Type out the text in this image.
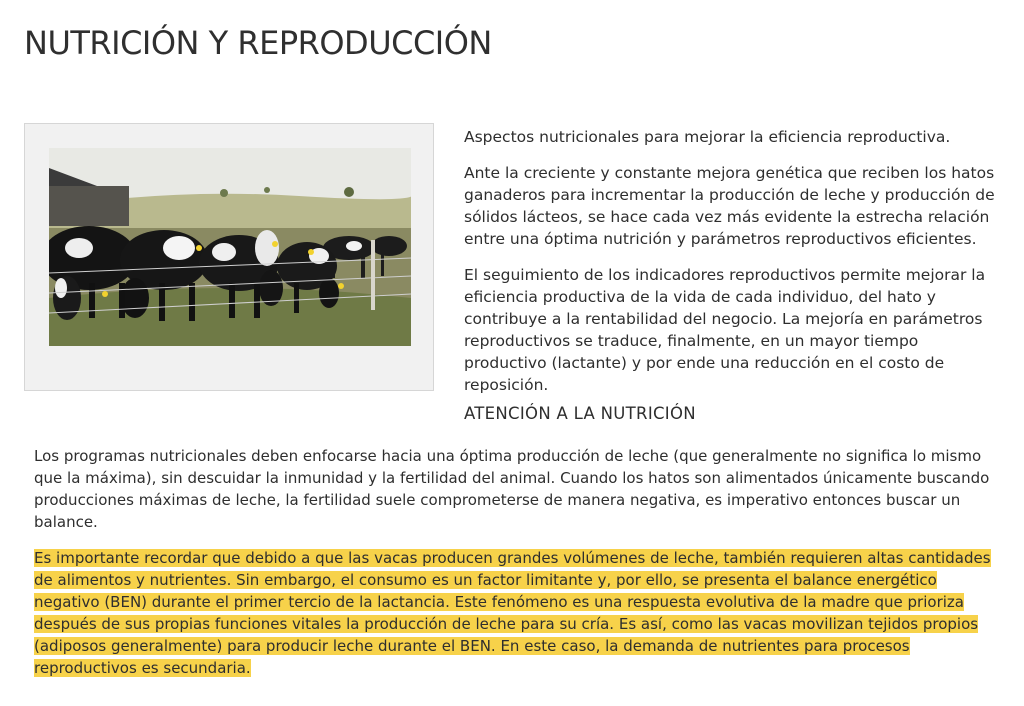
NUTRICIÓN Y REPRODUCCIÓN

Aspectos nutricionales para mejorar la eficiencia reproductiva.

Ante la creciente y constante mejora genética que reciben los hatos ganaderos para incrementar la producción de leche y producción de sólidos lácteos, se hace cada vez más evidente la estrecha relación entre una óptima nutrición y parámetros reproductivos eficientes.

El seguimiento de los indicadores reproductivos permite mejorar la eficiencia productiva de la vida de cada individuo, del hato y contribuye a la rentabilidad del negocio. La mejoría en parámetros reproductivos se traduce, finalmente, en un mayor tiempo productivo (lactante) y por ende una reducción en el costo de reposición.

ATENCIÓN A LA NUTRICIÓN

Los programas nutricionales deben enfocarse hacia una óptima producción de leche (que generalmente no significa lo mismo que la máxima), sin descuidar la inmunidad y la fertilidad del animal. Cuando los hatos son alimentados únicamente buscando producciones máximas de leche, la fertilidad suele comprometerse de manera negativa, es imperativo entonces buscar un balance.

Es importante recordar que debido a que las vacas producen grandes volúmenes de leche, también requieren altas cantidades de alimentos y nutrientes. Sin embargo, el consumo es un factor limitante y, por ello, se presenta el balance energético negativo (BEN) durante el primer tercio de la lactancia. Este fenómeno es una respuesta evolutiva de la madre que prioriza después de sus propias funciones vitales la producción de leche para su cría. Es así, como las vacas movilizan tejidos propios (adiposos generalmente) para producir leche durante el BEN. En este caso, la demanda de nutrientes para procesos reproductivos es secundaria.
